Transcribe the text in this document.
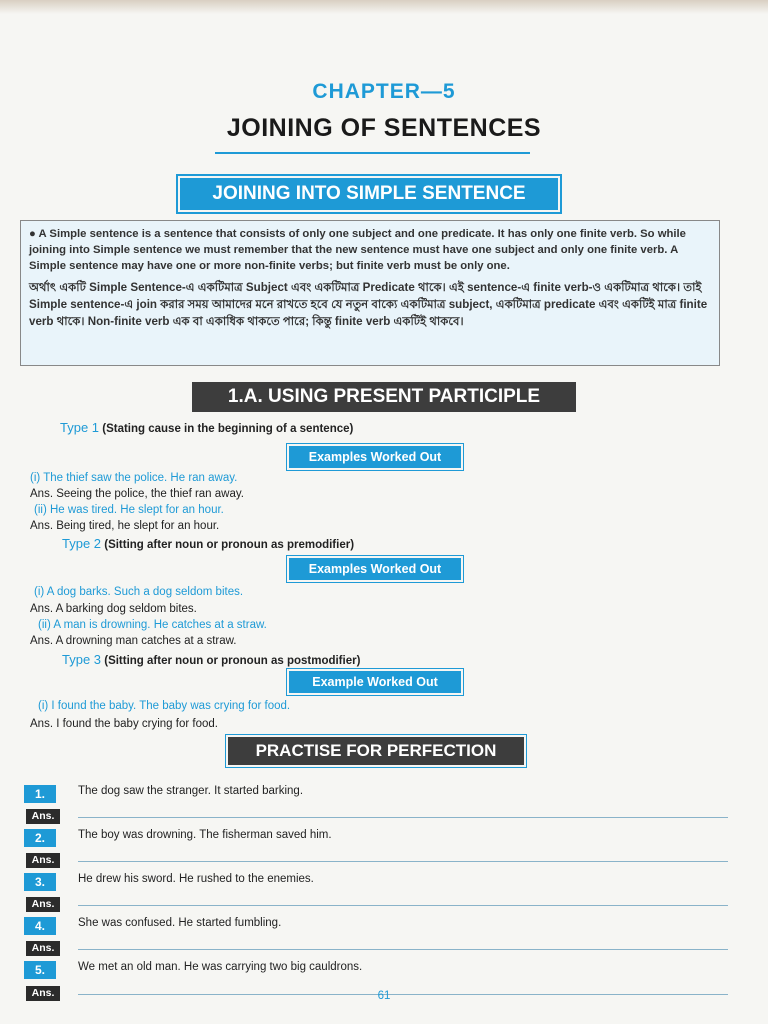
CHAPTER—5
JOINING OF SENTENCES
JOINING INTO SIMPLE SENTENCE

● A Simple sentence is a sentence that consists of only one subject and one predicate. It has only one finite verb. So while joining into Simple sentence we must remember that the new sentence must have one subject and only one finite verb. A Simple sentence may have one or more non-finite verbs; but finite verb must be only one.

অর্থাৎ একটি Simple Sentence-এ একটিমাত্র Subject এবং একটিমাত্র Predicate থাকে। এই sentence-এ finite verb-ও একটিমাত্র থাকে। তাই Simple sentence-এ join করার সময় আমাদের মনে রাখতে হবে যে নতুন বাক্যে একটিমাত্র subject, একটিমাত্র predicate এবং একটিই মাত্র finite verb থাকে। Non-finite verb এক বা একাধিক থাকতে পারে; কিন্তু finite verb একটিই থাকবে।

1.A. USING PRESENT PARTICIPLE
Type 1 (Stating cause in the beginning of a sentence)
Examples Worked Out
(i) The thief saw the police. He ran away.
Ans. Seeing the police, the thief ran away.
(ii) He was tired. He slept for an hour.
Ans. Being tired, he slept for an hour.
Type 2 (Sitting after noun or pronoun as premodifier)
Examples Worked Out
(i) A dog barks. Such a dog seldom bites.
Ans. A barking dog seldom bites.
(ii) A man is drowning. He catches at a straw.
Ans. A drowning man catches at a straw.
Type 3 (Sitting after noun or pronoun as postmodifier)
Example Worked Out
(i) I found the baby. The baby was crying for food.
Ans. I found the baby crying for food.
PRACTISE FOR PERFECTION
1.	The dog saw the stranger. It started barking.
Ans.
2.	The boy was drowning. The fisherman saved him.
Ans.
3.	He drew his sword. He rushed to the enemies.
Ans.
4.	She was confused. He started fumbling.
Ans.
5.	We met an old man. He was carrying two big cauldrons.
Ans.	61
